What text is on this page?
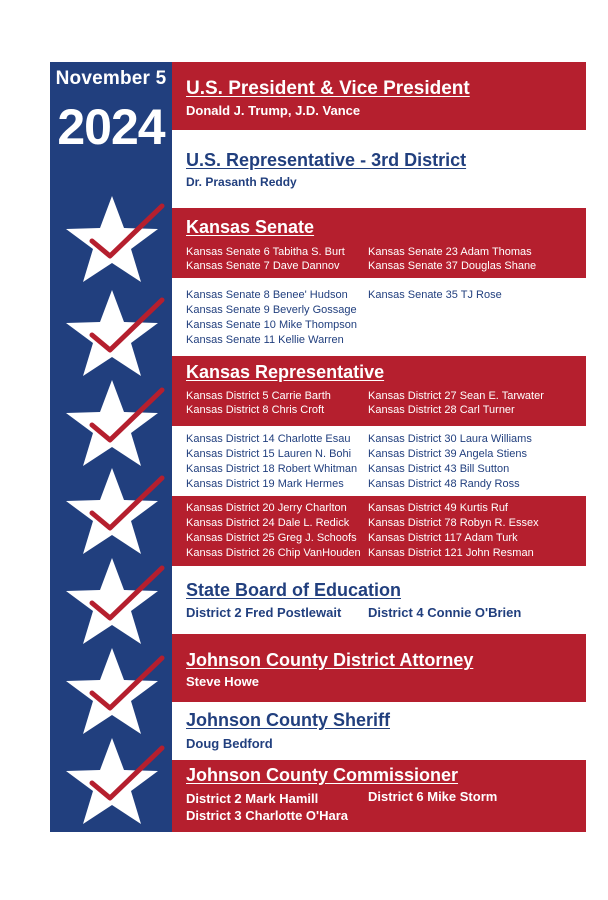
November 5
2024
U.S. President & Vice President
Donald J. Trump, J.D. Vance
U.S. Representative - 3rd District
Dr. Prasanth Reddy
Kansas Senate
Kansas Senate 6 Tabitha S. Burt
Kansas Senate 7 Dave Dannov
Kansas Senate 23 Adam Thomas
Kansas Senate 37 Douglas Shane
Kansas Senate 8 Benee' Hudson
Kansas Senate 9 Beverly Gossage
Kansas Senate 10 Mike Thompson
Kansas Senate 11 Kellie Warren
Kansas Senate 35 TJ Rose
Kansas Representative
Kansas District 5 Carrie Barth
Kansas District 8 Chris Croft
Kansas District 27 Sean E. Tarwater
Kansas District 28 Carl Turner
Kansas District 14 Charlotte Esau
Kansas District 15 Lauren N. Bohi
Kansas District 18 Robert Whitman
Kansas District 19 Mark Hermes
Kansas District 30 Laura Williams
Kansas District 39 Angela Stiens
Kansas District 43 Bill Sutton
Kansas District 48 Randy Ross
Kansas District 20 Jerry Charlton
Kansas District 24 Dale L. Redick
Kansas District 25 Greg J. Schoofs
Kansas District 26 Chip VanHouden
Kansas District 49 Kurtis Ruf
Kansas District 78 Robyn R. Essex
Kansas District 117 Adam Turk
Kansas District 121 John Resman
State Board of Education
District 2 Fred Postlewait District 4 Connie O'Brien
Johnson County District Attorney
Steve Howe
Johnson County Sheriff
Doug Bedford
Johnson County Commissioner
District 2 Mark Hamill
District 3 Charlotte O'Hara
District 6 Mike Storm
